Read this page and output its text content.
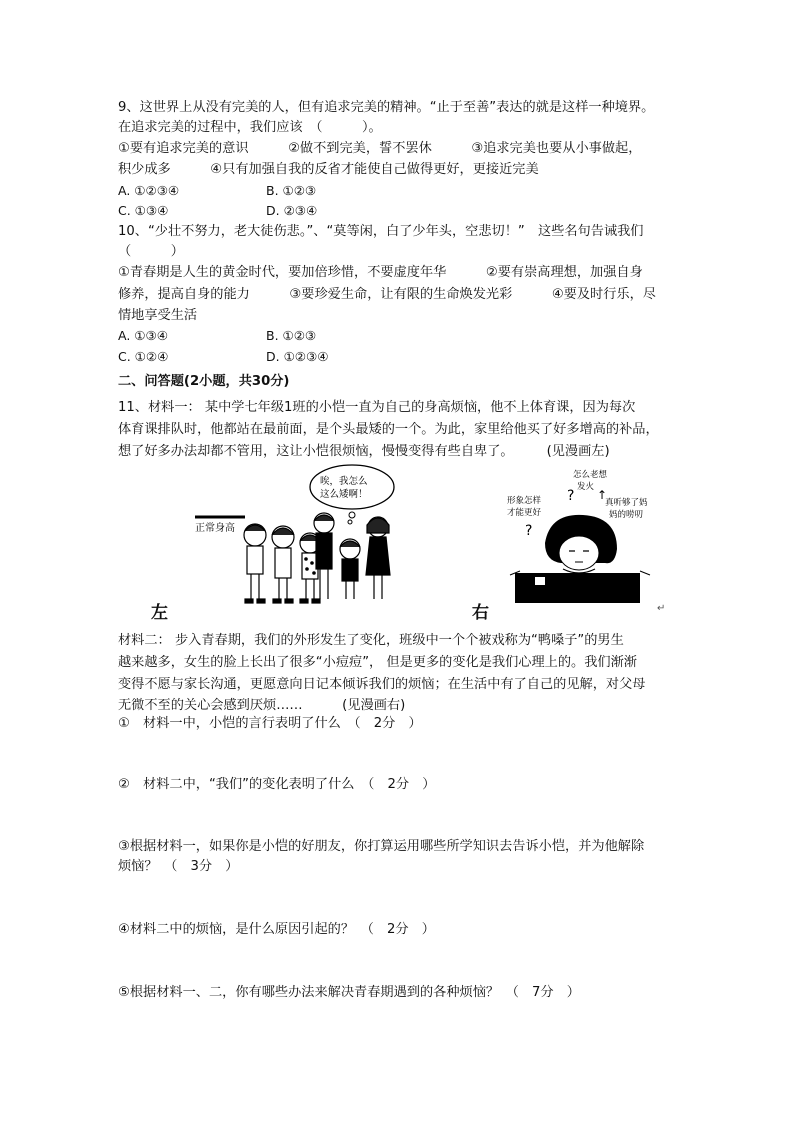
9、这世界上从没有完美的人，但有追求完美的精神。“止于至善”表达的就是这样一种境界。
在追求完美的过程中，我们应该　（　　　）。
①要有追求完美的意识　　　②做不到完美，誓不罢休　　　③追求完美也要从小事做起，
积少成多　　　④只有加强自我的反省才能使自己做得更好，更接近完美
A. ①②③④	B. ①②③
C. ①③④	D. ②③④
10、“少壮不努力，老大徒伤悲。”、“莫等闲，白了少年头，空悲切！”　这些名句告诫我们
（　　　）
①青春期是人生的黄金时代，要加倍珍惜，不要虚度年华　　　②要有崇高理想，加强自身
修养，提高自身的能力　　　③要珍爱生命，让有限的生命焕发光彩　　　④要及时行乐，尽
情地享受生活
A. ①③④	B. ①②③
C. ①②④	D. ①②③④
二、问答题(2小题，共30分)
11、材料一： 某中学七年级1班的小恺一直为自己的身高烦恼，他不上体育课，因为每次
体育课排队时，他都站在最前面，是个头最矮的一个。为此，家里给他买了好多增高的补品，
想了好多办法却都不管用，这让小恺很烦恼，慢慢变得有些自卑了。　　　(见漫画左)
唉，我怎么
这么矮啊！
正常身高
怎么老想
发火
形象怎样
才能更好
真听够了妈
妈的唠叨
?
? ↑
左	右	↵
材料二： 步入青春期，我们的外形发生了变化，班级中一个个被戏称为“鸭嗓子”的男生
越来越多，女生的脸上长出了很多“小痘痘”， 但是更多的变化是我们心理上的。我们渐渐
变得不愿与家长沟通，更愿意向日记本倾诉我们的烦恼；在生活中有了自己的见解，对父母
无微不至的关心会感到厌烦……　　　(见漫画右)
①　材料一中，小恺的言行表明了什么　（　2分　）
②　材料二中，“我们”的变化表明了什么　（　2分　）
③根据材料一，如果你是小恺的好朋友，你打算运用哪些所学知识去告诉小恺，并为他解除
烦恼？　（　3分　）
④材料二中的烦恼，是什么原因引起的？　（　2分　）
⑤根据材料一、二，你有哪些办法来解决青春期遇到的各种烦恼？　（　7分　）
